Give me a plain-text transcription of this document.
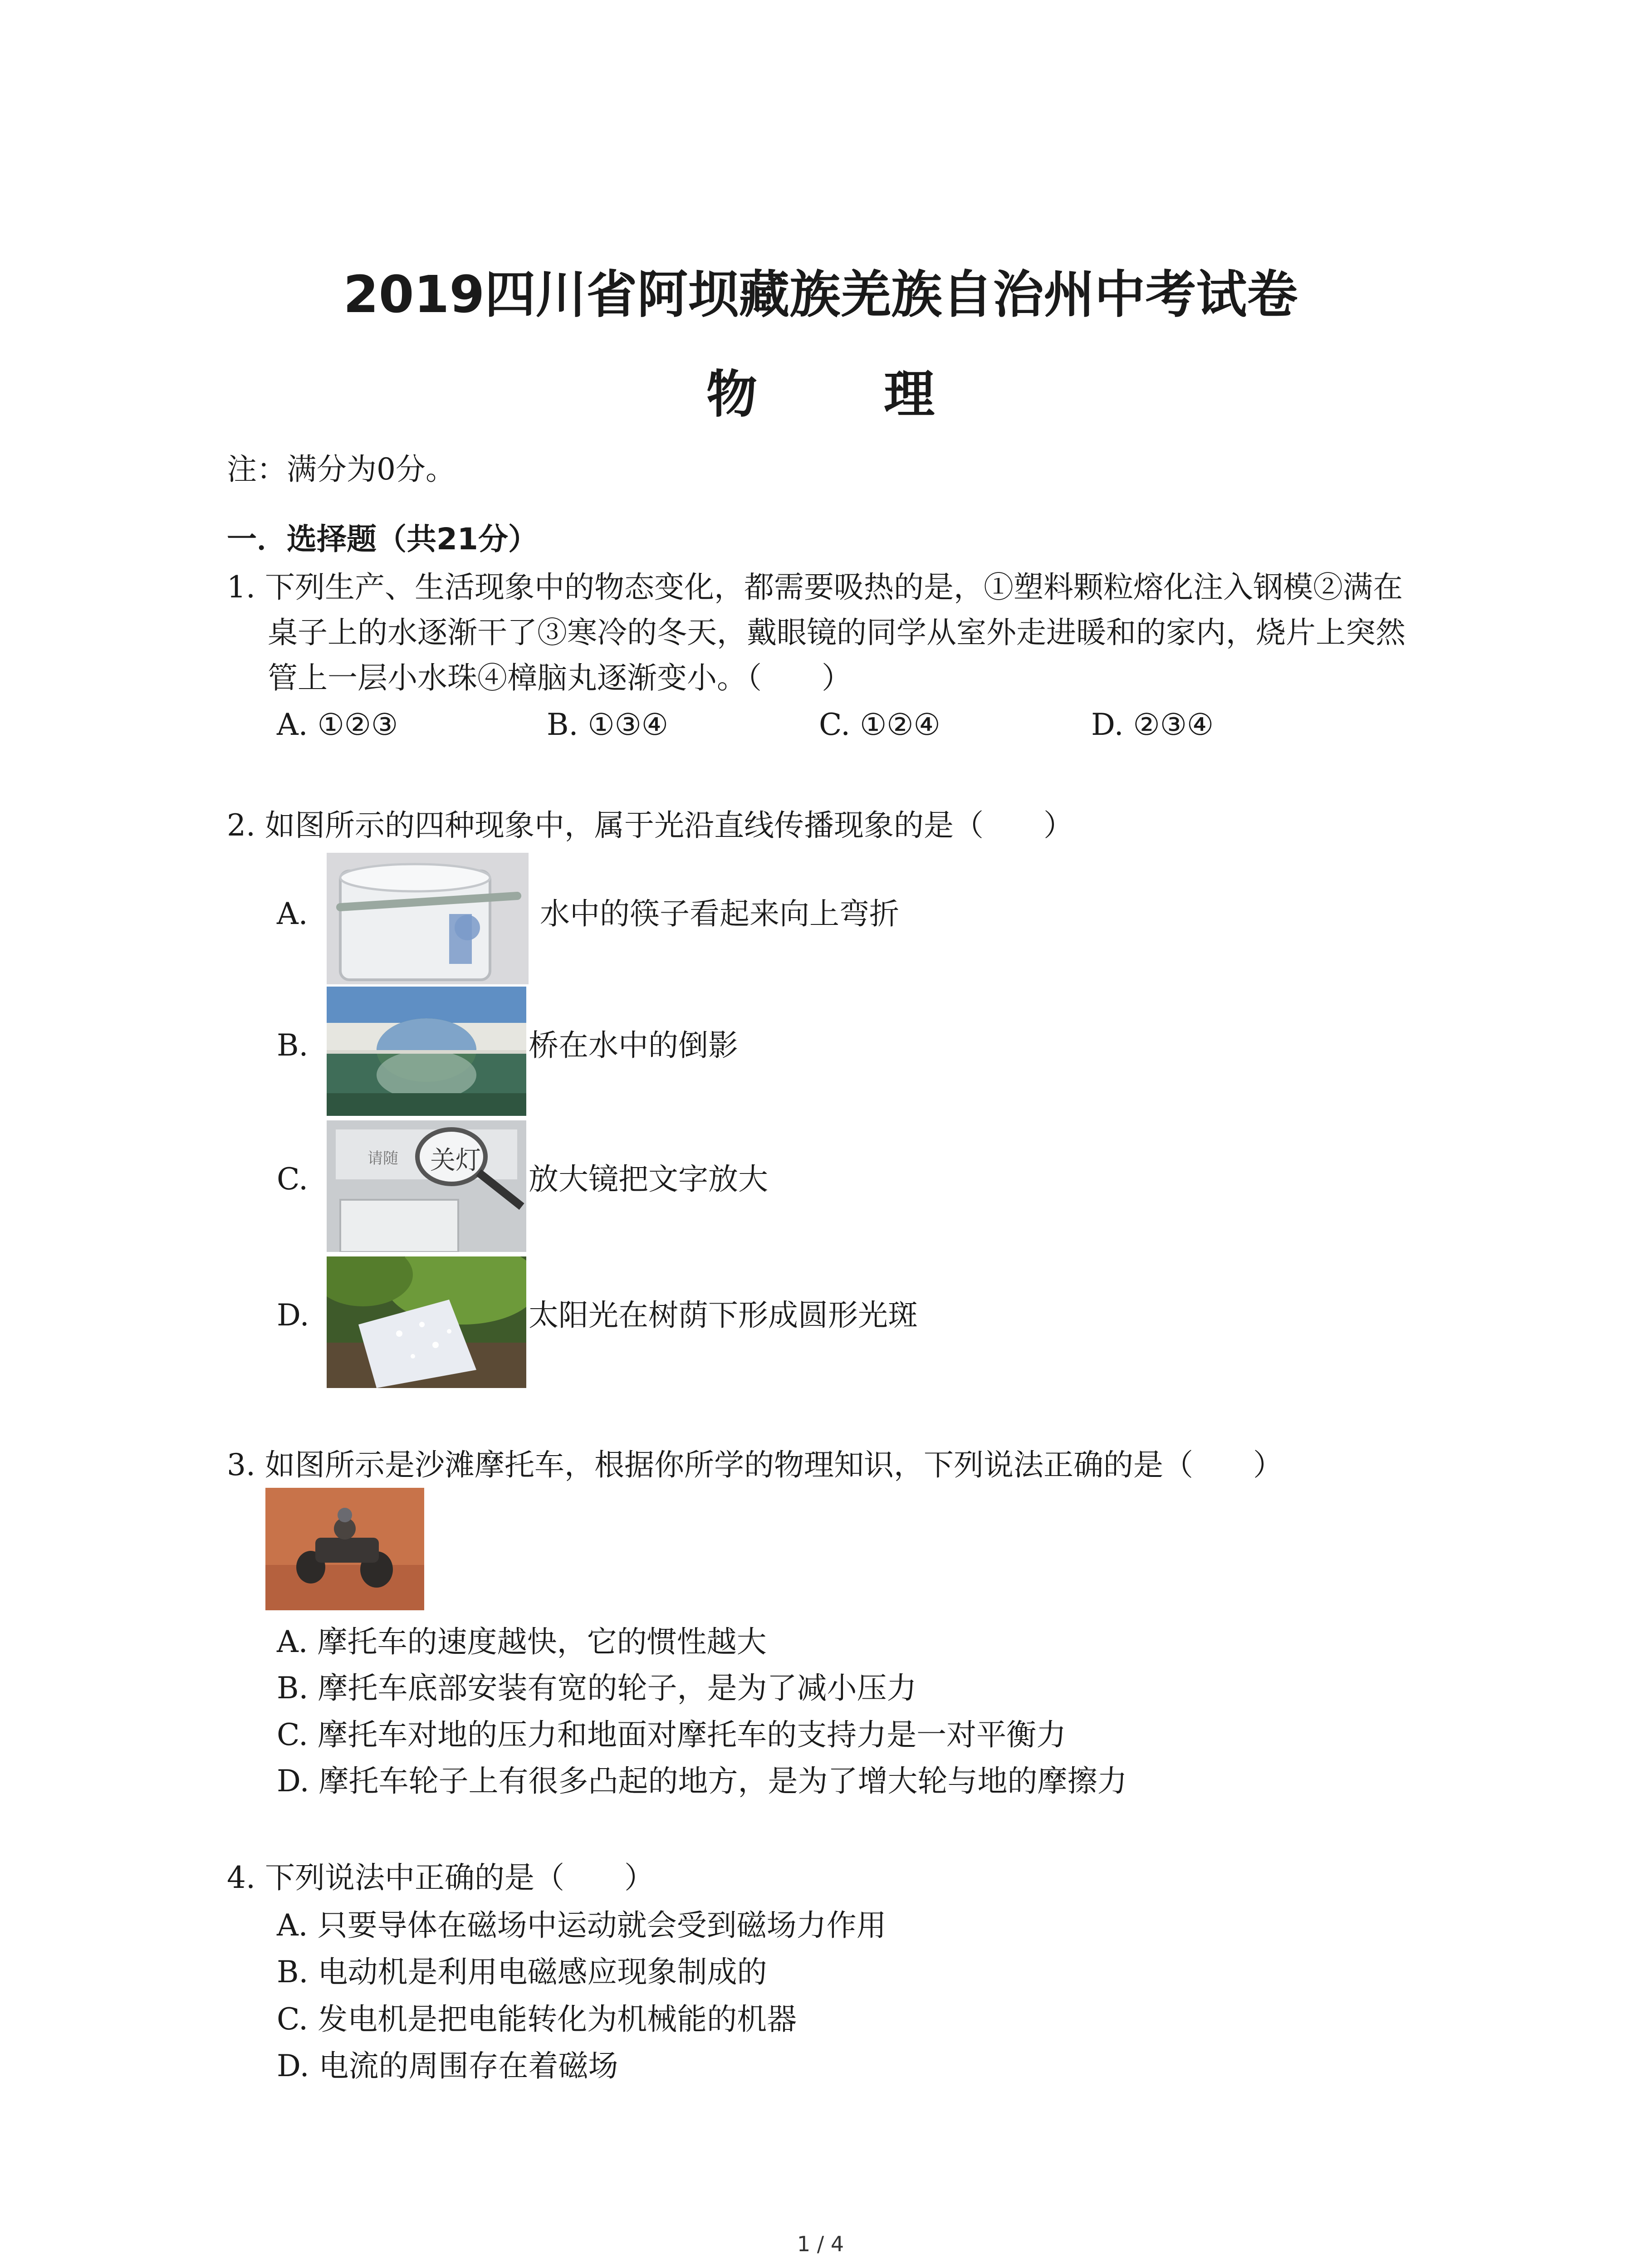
2019四川省阿坝藏族羌族自治州中考试卷
物 理
注：满分为0分。
一．选择题（共21分）
1. 下列生产、生活现象中的物态变化，都需要吸热的是，①塑料颗粒熔化注入钢模②满在
桌子上的水逐渐干了③寒冷的冬天，戴眼镜的同学从室外走进暖和的家内，烧片上突然
管上一层小水珠④樟脑丸逐渐变小。（　　）
A. ①②③	B. ①③④	C. ①②④	D. ②③④
2. 如图所示的四种现象中，属于光沿直线传播现象的是（　　）
A.	水中的筷子看起来向上弯折
B.	桥在水中的倒影
C.
请随 关灯
放大镜把文字放大
D.	太阳光在树荫下形成圆形光斑
3. 如图所示是沙滩摩托车，根据你所学的物理知识，下列说法正确的是（　　）
A. 摩托车的速度越快，它的惯性越大
B. 摩托车底部安装有宽的轮子，是为了减小压力
C. 摩托车对地的压力和地面对摩托车的支持力是一对平衡力
D. 摩托车轮子上有很多凸起的地方，是为了增大轮与地的摩擦力
4. 下列说法中正确的是（　　）
A. 只要导体在磁场中运动就会受到磁场力作用
B. 电动机是利用电磁感应现象制成的
C. 发电机是把电能转化为机械能的机器
D. 电流的周围存在着磁场
1 / 4
